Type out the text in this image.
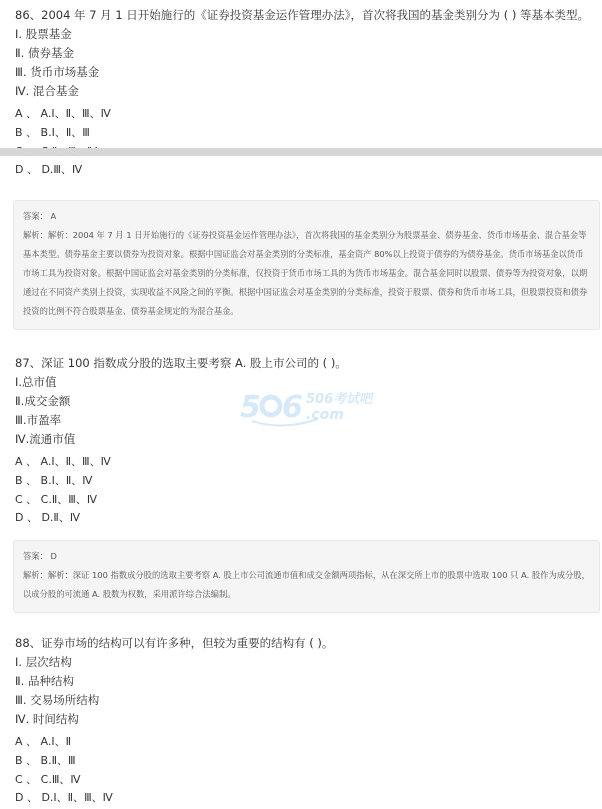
86、2004 年 7 月 1 日开始施行的《证券投资基金运作管理办法》，首次将我国的基金类别分为 ( ) 等基本类型。
Ⅰ. 股票基金
Ⅱ. 债券基金
Ⅲ. 货币市场基金
Ⅳ. 混合基金
A 、 A.Ⅰ、Ⅱ、Ⅲ、Ⅳ
B 、 B.Ⅰ、Ⅱ、Ⅲ
D 、 D.Ⅲ、Ⅳ
答案： A
解析：解析：2004 年 7 月 1 日开始施行的《证券投资基金运作管理办法》，首次将我国的基金类别分为股票基金、债券基金、货币市场基金、混合基金等基本类型。债券基金主要以债券为投资对象。根据中国证监会对基金类别的分类标准，基金资产 80%以上投资于债券的为债券基金。货币市场基金以货币市场工具为投资对象。根据中国证监会对基金类别的分类标准，仅投资于货币市场工具的为货币市场基金。混合基金同时以股票、债券等为投资对象，以期通过在不同资产类别上投资，实现收益不风险之间的平衡。根据中国证监会对基金类别的分类标准，投资于股票、债券和货币市场工具，但股票投资和债券投资的比例不符合股票基金、债券基金规定的为混合基金。
87、深证 100 指数成分股的选取主要考察 A. 股上市公司的 ( )。
Ⅰ.总市值
Ⅱ.成交金额
Ⅲ.市盈率
Ⅳ.流通市值
A 、 A.Ⅰ、Ⅱ、Ⅲ、Ⅳ
B 、 B.Ⅰ、Ⅱ、Ⅳ
C 、 C.Ⅱ、Ⅲ、Ⅳ
D 、 D.Ⅱ、Ⅳ
答案： D
解析：解析：深证 100 指数成分股的选取主要考察 A. 股上市公司流通市值和成交金额两项指标，从在深交所上市的股票中选取 100 只 A. 股作为成分股，以成分股的可流通 A. 股数为权数，采用派许综合法编制。
88、证券市场的结构可以有许多种，但较为重要的结构有 ( )。
Ⅰ. 层次结构
Ⅱ. 品种结构
Ⅲ. 交易场所结构
Ⅳ. 时间结构
A 、 A.Ⅰ、Ⅱ
B 、 B.Ⅱ、Ⅲ
C 、 C.Ⅲ、Ⅳ
D 、 D.Ⅰ、Ⅱ、Ⅲ、Ⅳ
5 6 506考试吧
.com
